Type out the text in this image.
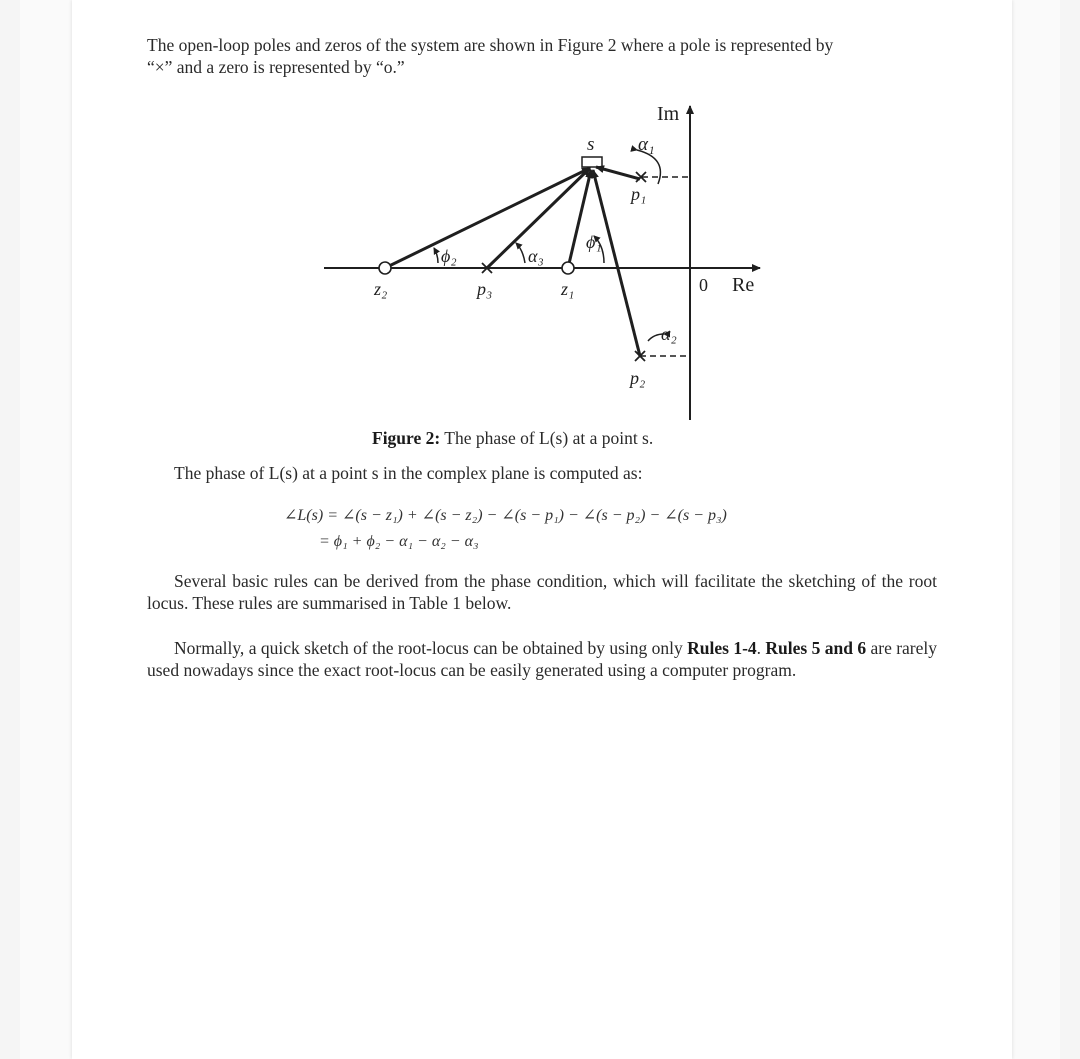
The open-loop poles and zeros of the system are shown in Figure 2 where a pole is represented by
“×” and a zero is represented by “o.”

Im
Re
0
s α₁
α₂
α₃
ϕ₁
ϕ₂
p₁
p₂
p₃	z₁
z₂
Figure 2: The phase of L(s) at a point s.

The phase of L(s) at a point s in the complex plane is computed as:

∠L(s) = ∠(s − z₁) + ∠(s − z₂) − ∠(s − p₁) − ∠(s − p₂) − ∠(s − p₃)
= ϕ₁ + ϕ₂ − α₁ − α₂ − α₃

Several basic rules can be derived from the phase condition, which will facilitate the sketching of the root locus. These rules are summarised in Table 1 below.

Normally, a quick sketch of the root-locus can be obtained by using only Rules 1-4. Rules 5 and 6 are rarely used nowadays since the exact root-locus can be easily generated using a computer program.
